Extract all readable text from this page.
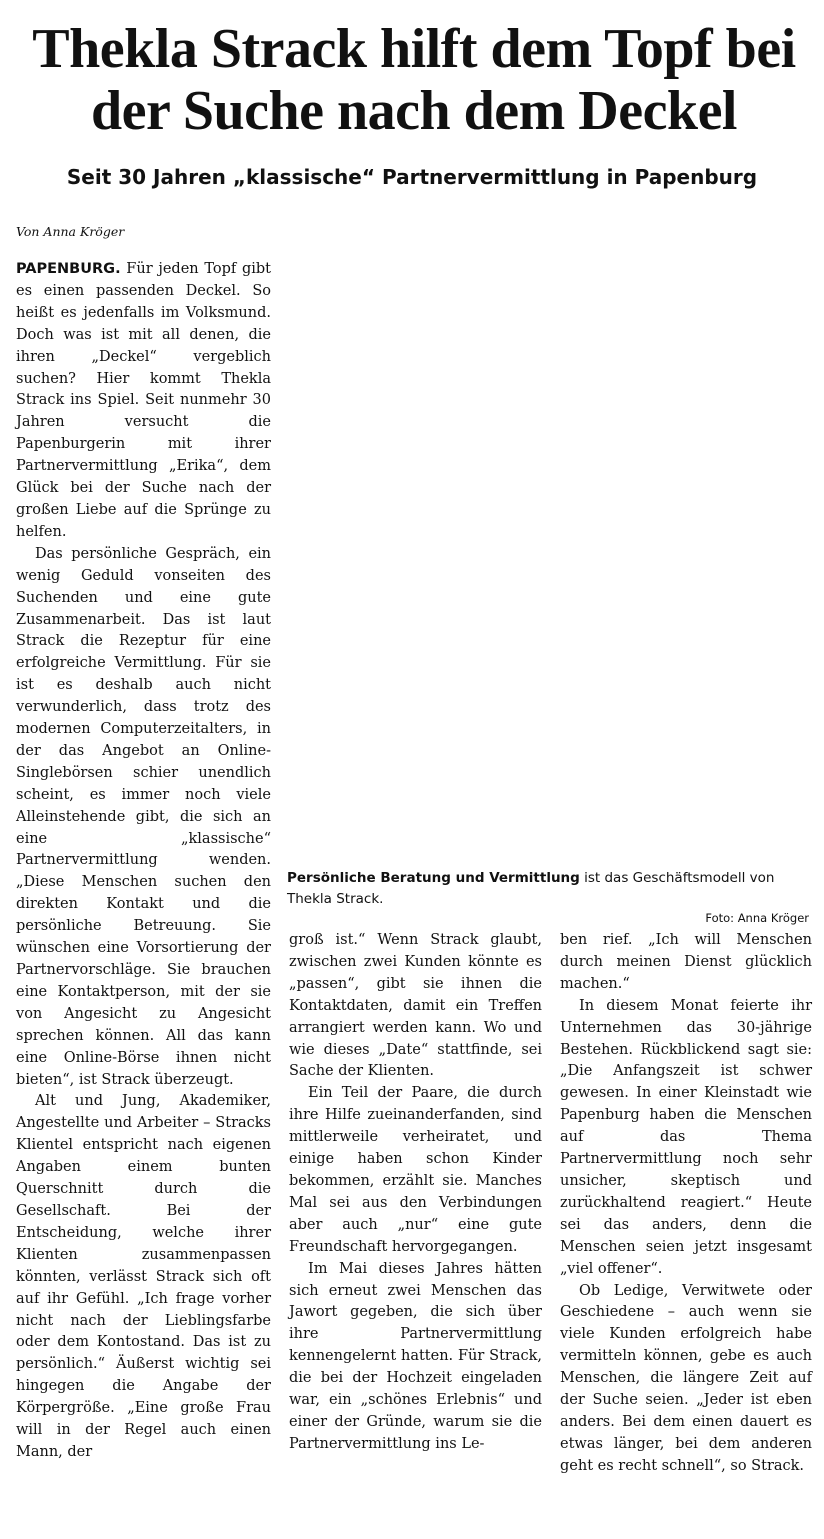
Thekla Strack hilft dem Topf bei der Suche nach dem Deckel
Seit 30 Jahren „klassische“ Partnervermittlung in Papenburg
Von Anna Kröger
Persönliche Beratung und Vermittlung ist das Geschäftsmodell von Thekla Strack.
Foto: Anna Kröger

PAPENBURG. Für jeden Topf gibt es einen passenden Deckel. So heißt es jedenfalls im Volksmund. Doch was ist mit all denen, die ihren „Deckel“ vergeblich suchen? Hier kommt Thekla Strack ins Spiel. Seit nunmehr 30 Jahren versucht die Papenburgerin mit ihrer Partnervermittlung „Erika“, dem Glück bei der Suche nach der großen Liebe auf die Sprünge zu helfen.

Das persönliche Gespräch, ein wenig Geduld vonseiten des Suchenden und eine gute Zusammenarbeit. Das ist laut Strack die Rezeptur für eine erfolgreiche Vermittlung. Für sie ist es deshalb auch nicht verwunderlich, dass trotz des modernen Computerzeitalters, in der das Angebot an Online-Singlebörsen schier unendlich scheint, es immer noch viele Alleinstehende gibt, die sich an eine „klassische“ Partnervermittlung wenden. „Diese Menschen suchen den direkten Kontakt und die persönliche Betreuung. Sie wünschen eine Vorsortierung der Partnervorschläge. Sie brauchen eine Kontaktperson, mit der sie von Angesicht zu Angesicht sprechen können. All das kann eine Online-Börse ihnen nicht bieten“, ist Strack überzeugt.

Alt und Jung, Akademiker, Angestellte und Arbeiter – Stracks Klientel entspricht nach eigenen Angaben einem bunten Querschnitt durch die Gesellschaft. Bei der Entscheidung, welche ihrer Klienten zusammenpassen könnten, verlässt Strack sich oft auf ihr Gefühl. „Ich frage vorher nicht nach der Lieblingsfarbe oder dem Kontostand. Das ist zu persönlich.“ Äußerst wichtig sei hingegen die Angabe der Körpergröße. „Eine große Frau will in der Regel auch einen Mann, der

groß ist.“ Wenn Strack glaubt, zwischen zwei Kunden könnte es „passen“, gibt sie ihnen die Kontaktdaten, damit ein Treffen arrangiert werden kann. Wo und wie dieses „Date“ stattfinde, sei Sache der Klienten.

Ein Teil der Paare, die durch ihre Hilfe zueinanderfanden, sind mittlerweile verheiratet, und einige haben schon Kinder bekommen, erzählt sie. Manches Mal sei aus den Verbindungen aber auch „nur“ eine gute Freundschaft hervorgegangen.

Im Mai dieses Jahres hätten sich erneut zwei Menschen das Jawort gegeben, die sich über ihre Partnervermittlung kennengelernt hatten. Für Strack, die bei der Hochzeit eingeladen war, ein „schönes Erlebnis“ und einer der Gründe, warum sie die Partnervermittlung ins Le-

ben rief. „Ich will Menschen durch meinen Dienst glücklich machen.“

In diesem Monat feierte ihr Unternehmen das 30-jährige Bestehen. Rückblickend sagt sie: „Die Anfangszeit ist schwer gewesen. In einer Kleinstadt wie Papenburg haben die Menschen auf das Thema Partnervermittlung noch sehr unsicher, skeptisch und zurückhaltend reagiert.“ Heute sei das anders, denn die Menschen seien jetzt insgesamt „viel offener“.

Ob Ledige, Verwitwete oder Geschiedene – auch wenn sie viele Kunden erfolgreich habe vermitteln können, gebe es auch Menschen, die längere Zeit auf der Suche seien. „Jeder ist eben anders. Bei dem einen dauert es etwas länger, bei dem anderen geht es recht schnell“, so Strack.
